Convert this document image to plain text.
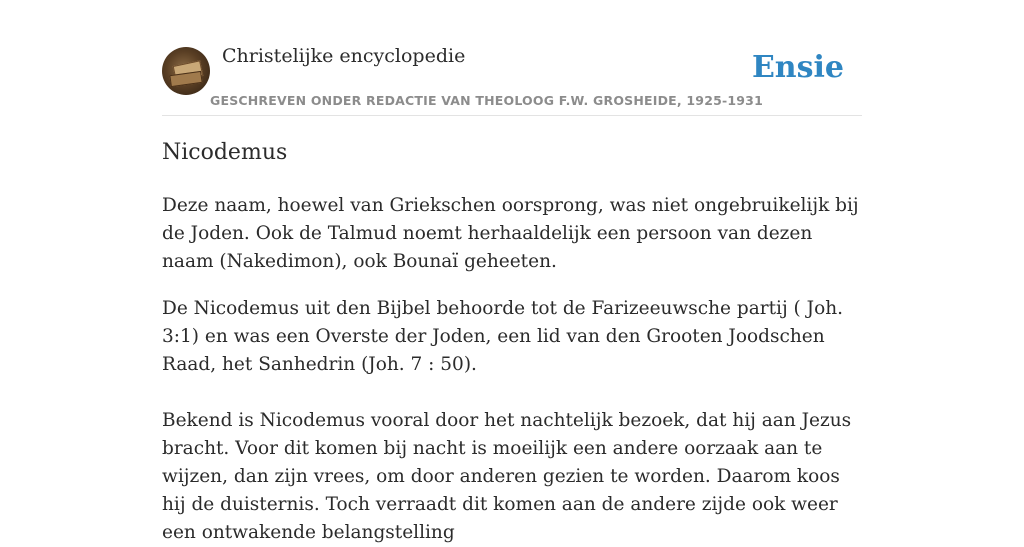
Christelijke encyclopedie
GESCHREVEN ONDER REDACTIE VAN THEOLOOG F.W. GROSHEIDE, 1925-1931
Ensie
Nicodemus

Deze naam, hoewel van Griekschen oorsprong, was niet ongebruikelijk bij de Joden. Ook de Talmud noemt herhaaldelijk een persoon van dezen naam (Nakedimon), ook Bounaï geheeten.

De Nicodemus uit den Bijbel behoorde tot de Farizeeuwsche partij ( Joh. 3:1) en was een Overste der Joden, een lid van den Grooten Joodschen Raad, het Sanhedrin (Joh. 7 : 50).

Bekend is Nicodemus vooral door het nachtelijk bezoek, dat hij aan Jezus bracht. Voor dit komen bij nacht is moeilijk een andere oorzaak aan te wijzen, dan zijn vrees, om door anderen gezien te worden. Daarom koos hij de duisternis. Toch verraadt dit komen aan de andere zijde ook weer een ontwakende belangstelling
